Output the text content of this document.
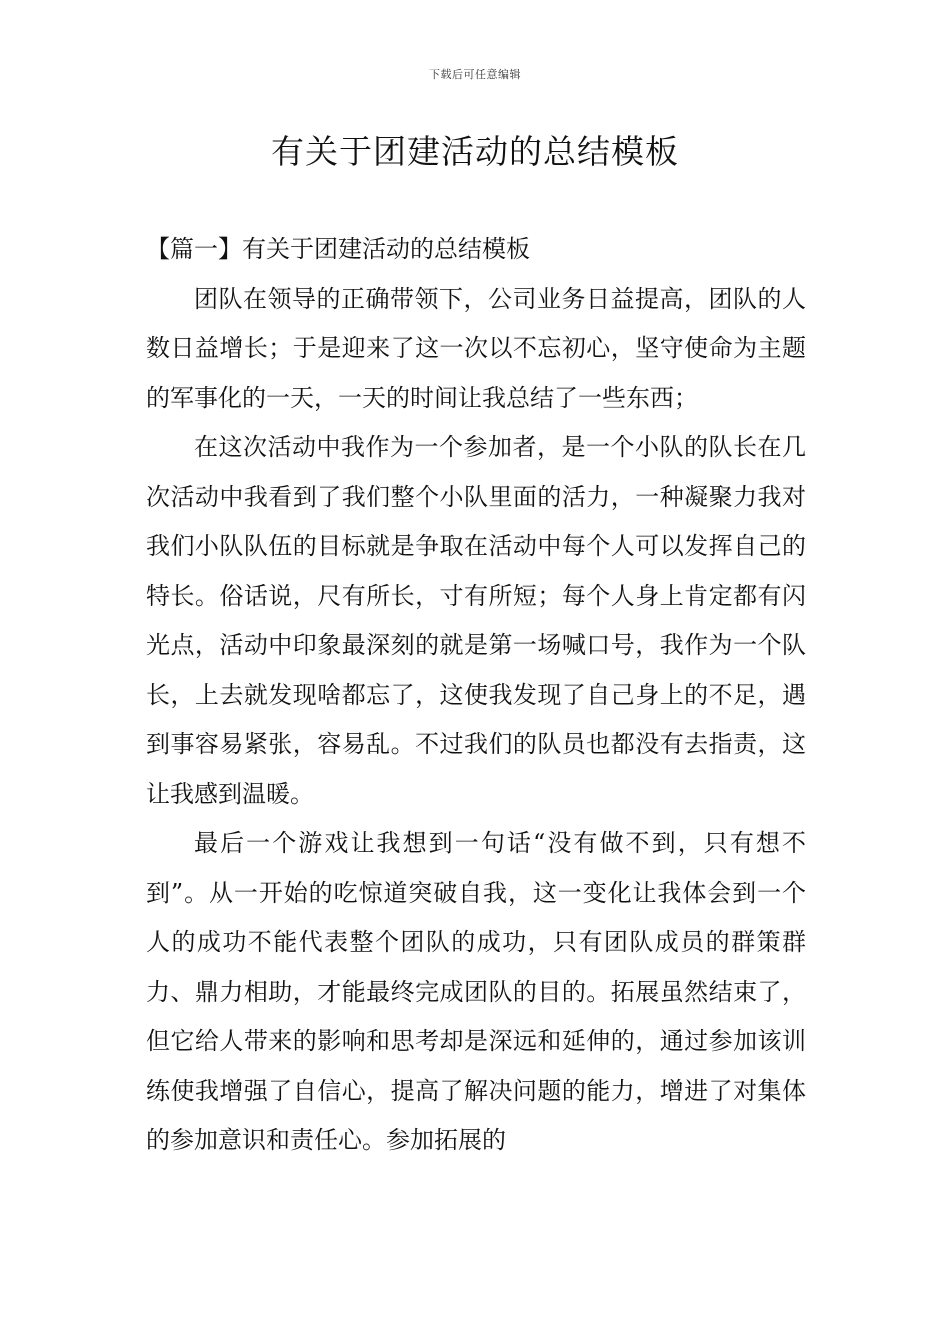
下载后可任意编辑
有关于团建活动的总结模板

【篇一】有关于团建活动的总结模板

团队在领导的正确带领下，公司业务日益提高，团队的人数日益增长；于是迎来了这一次以不忘初心，坚守使命为主题的军事化的一天，一天的时间让我总结了一些东西；

在这次活动中我作为一个参加者，是一个小队的队长在几次活动中我看到了我们整个小队里面的活力，一种凝聚力我对我们小队队伍的目标就是争取在活动中每个人可以发挥自己的特长。俗话说，尺有所长，寸有所短；每个人身上肯定都有闪光点，活动中印象最深刻的就是第一场喊口号，我作为一个队长，上去就发现啥都忘了，这使我发现了自己身上的不足，遇到事容易紧张，容易乱。不过我们的队员也都没有去指责，这让我感到温暖。

最后一个游戏让我想到一句话“没有做不到，只有想不到”。从一开始的吃惊道突破自我，这一变化让我体会到一个人的成功不能代表整个团队的成功，只有团队成员的群策群力、鼎力相助，才能最终完成团队的目的。拓展虽然结束了，但它给人带来的影响和思考却是深远和延伸的，通过参加该训练使我增强了自信心，提高了解决问题的能力，增进了对集体的参加意识和责任心。参加拓展的
